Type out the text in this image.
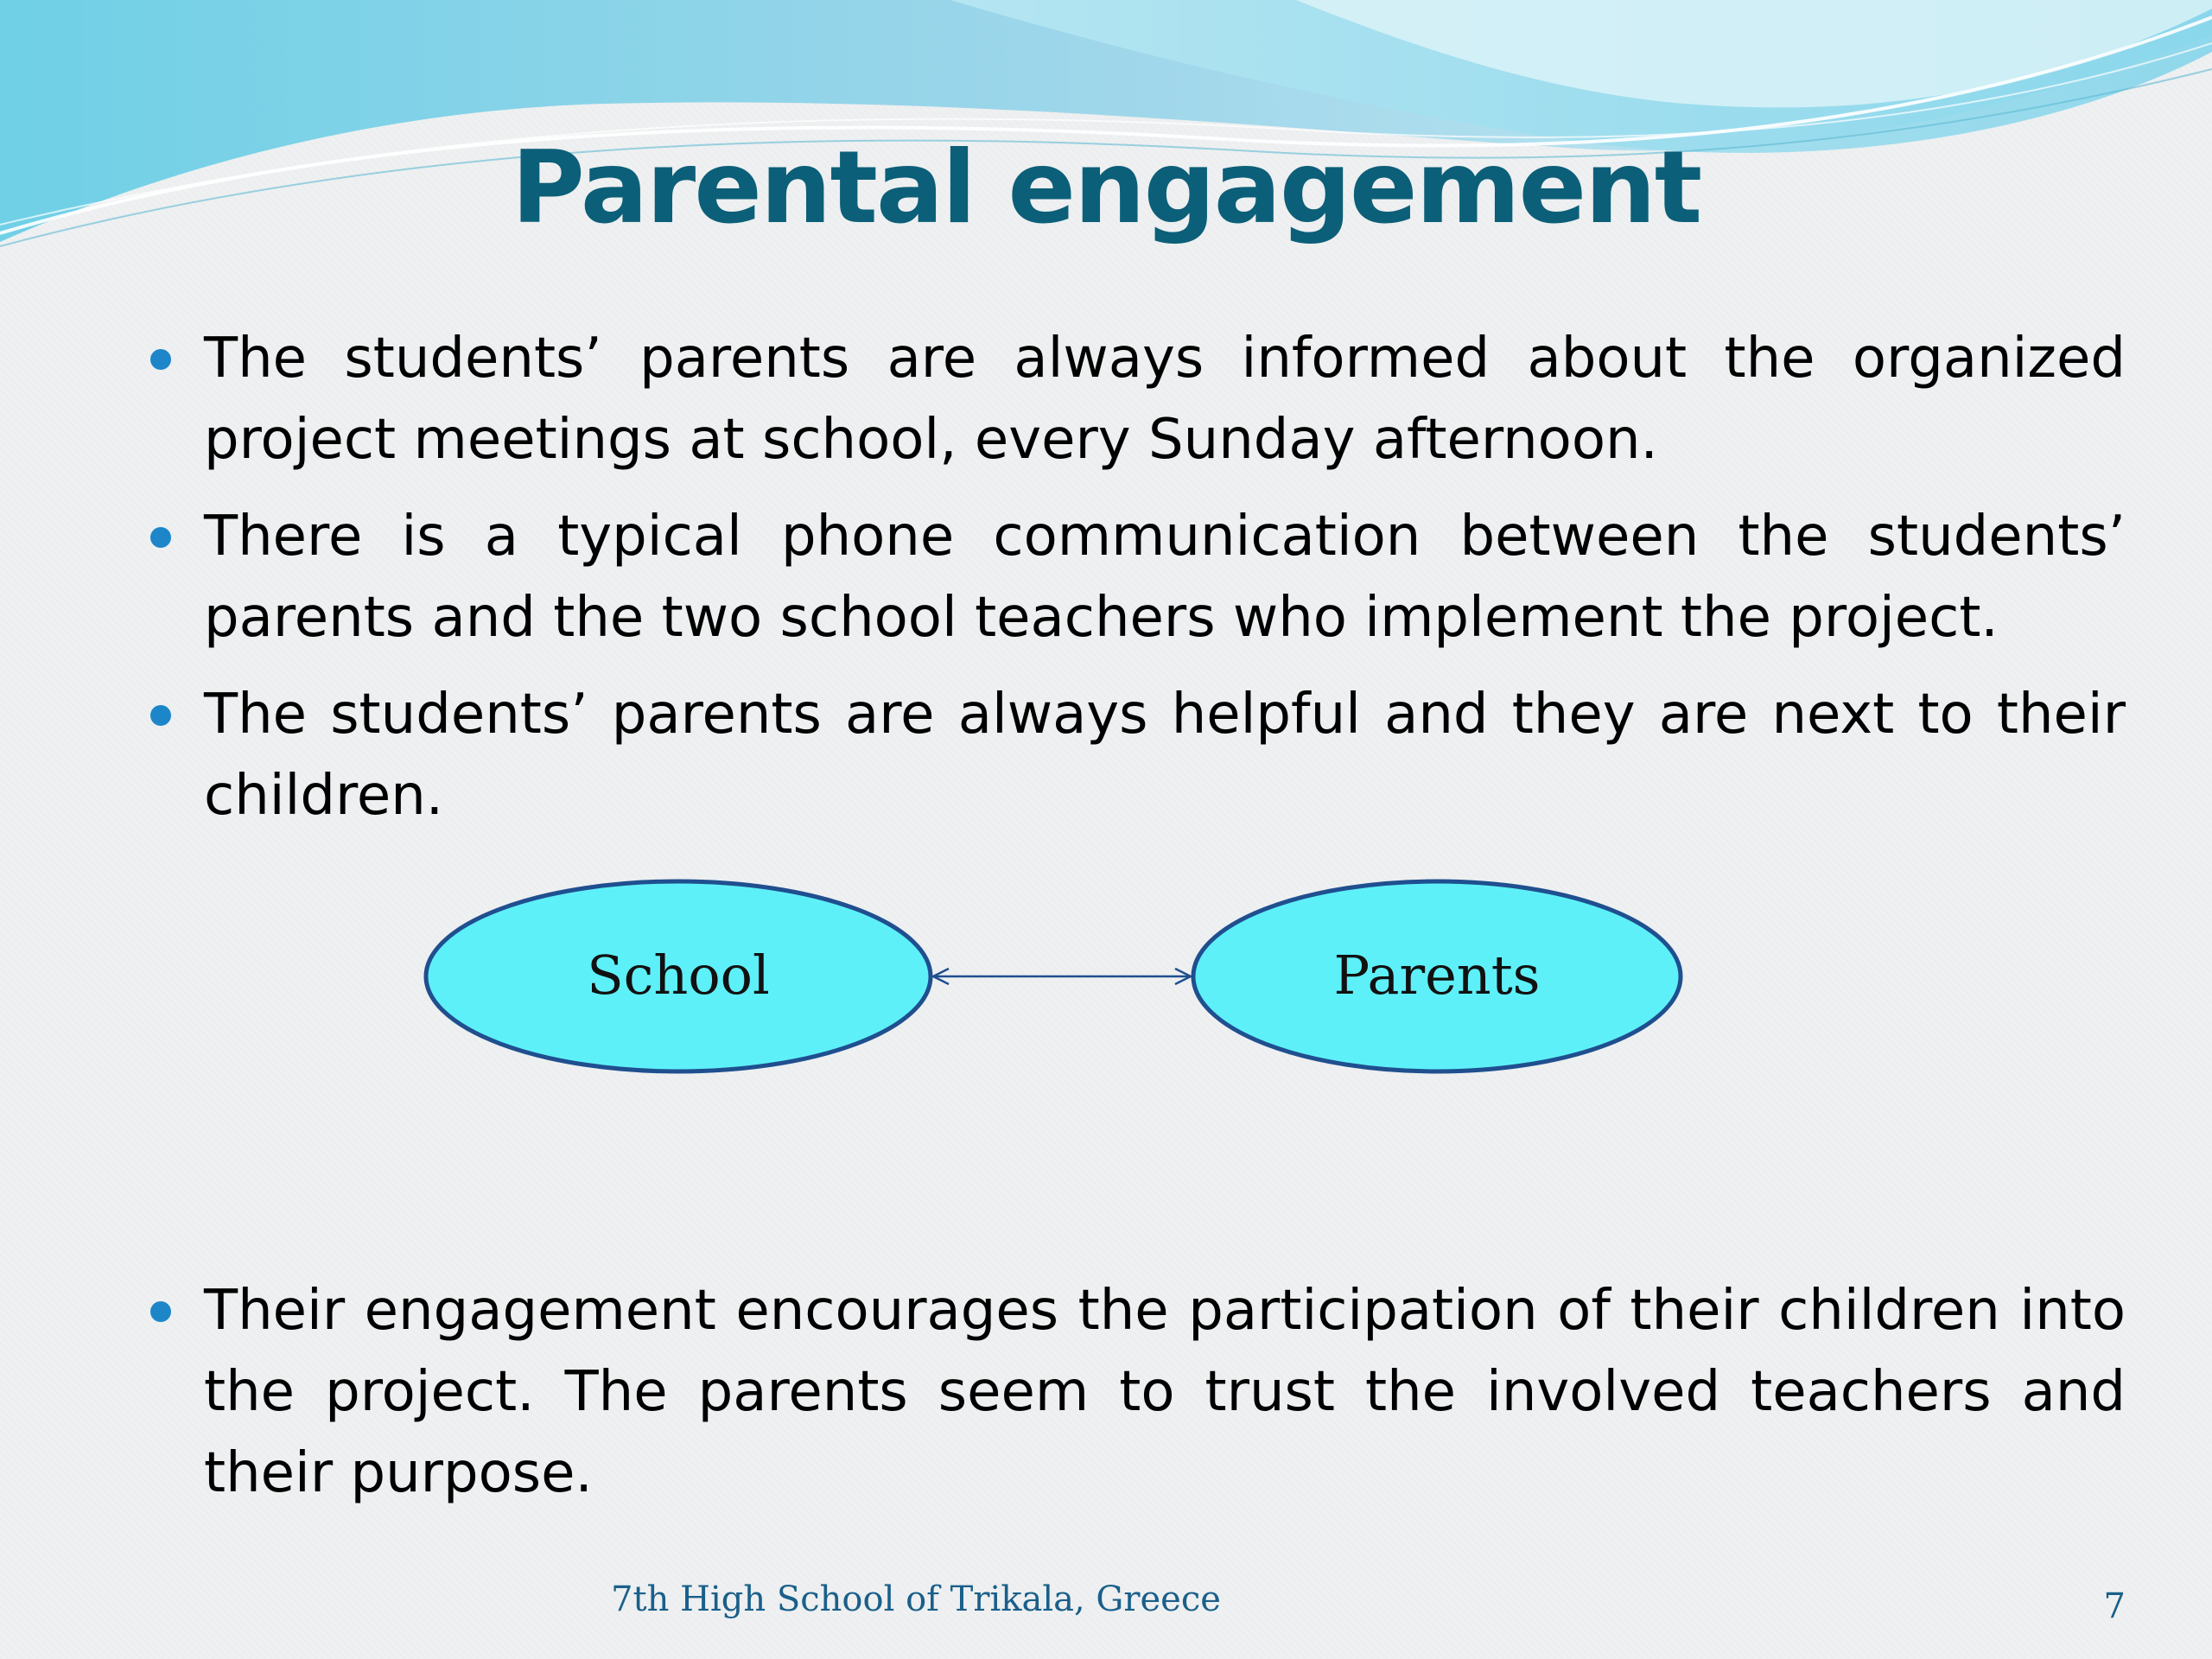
Parental engagement
The students’ parents are always informed about the organized project meetings at school, every Sunday afternoon.
There is a typical phone communication between the students’ parents and the two school teachers who implement the project.
The students’ parents are always helpful and they are next to their children.
School	Parents
Their engagement encourages the participation of their children into the project. The parents seem to trust the involved teachers and their purpose.
7th High School of Trikala, Greece	7
